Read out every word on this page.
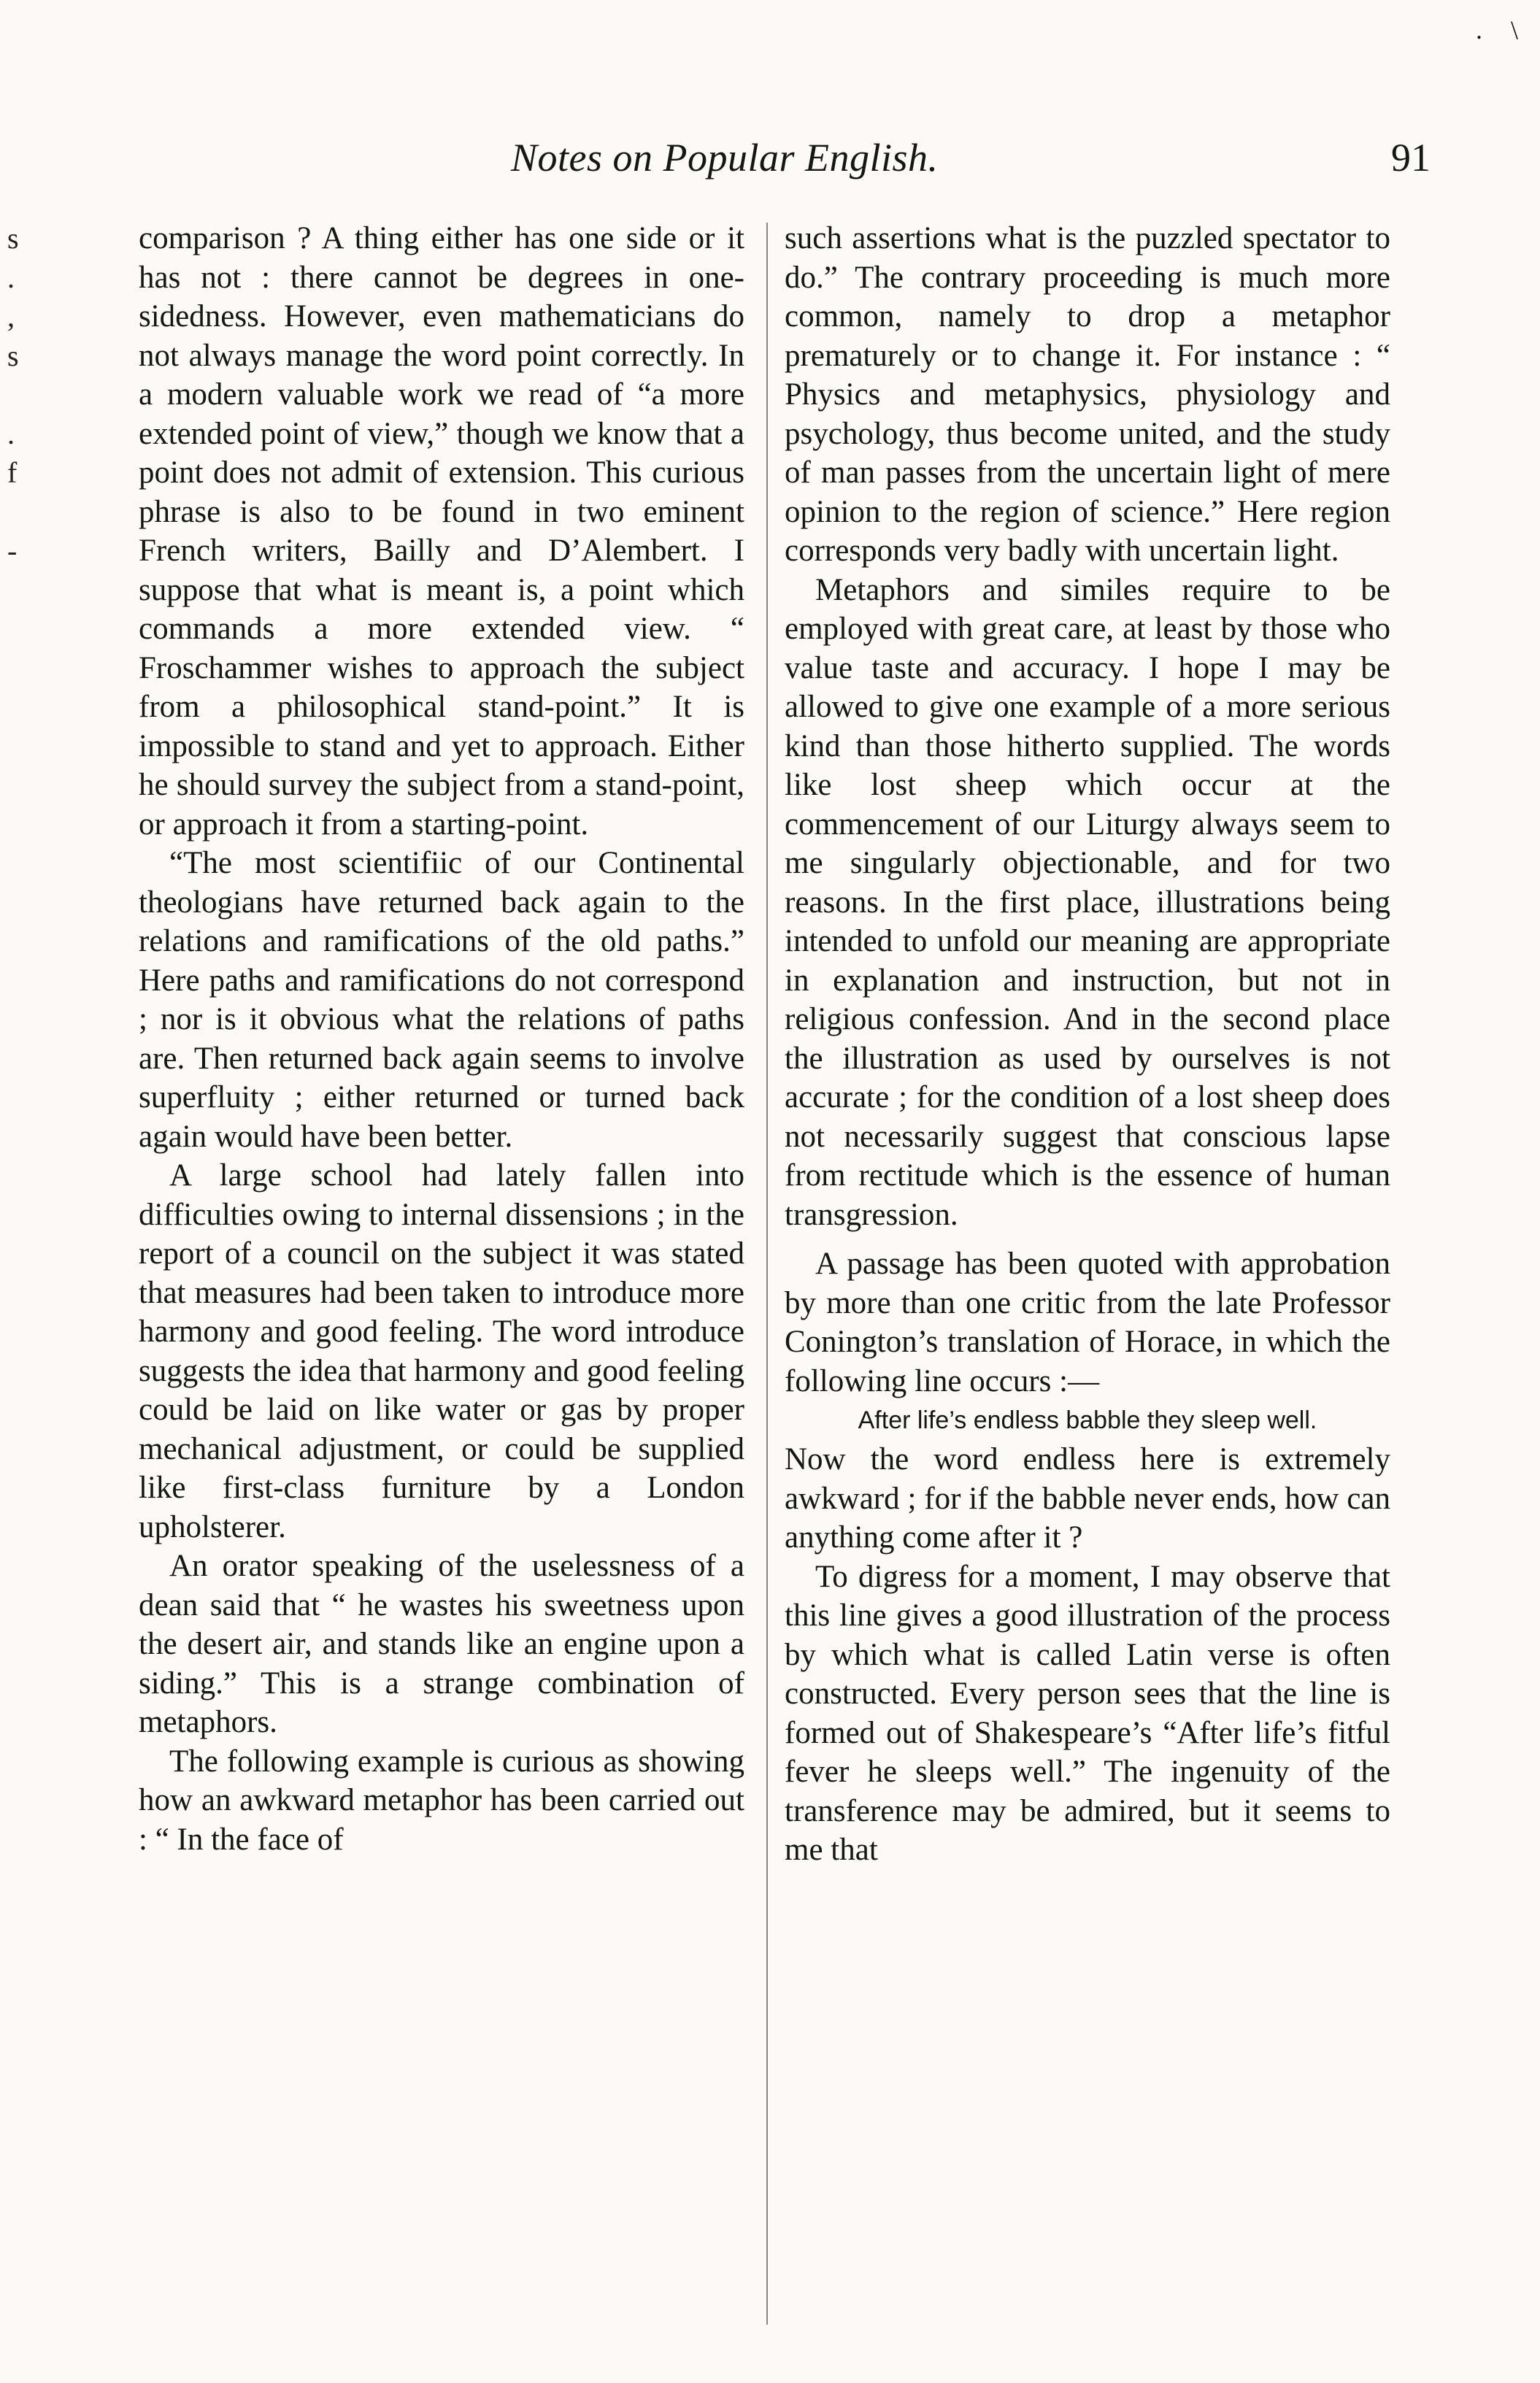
. \
Notes on Popular English.	91
s
.
,
s
.
f
-

comparison ? A thing either has one side or it has not : there cannot be degrees in one-sidedness. However, even mathematicians do not always manage the word point correctly. In a modern valuable work we read of “a more extended point of view,” though we know that a point does not admit of extension. This curious phrase is also to be found in two eminent French writers, Bailly and D’Alembert. I suppose that what is meant is, a point which commands a more extended view. “ Froschammer wishes to approach the subject from a philosophical stand-point.” It is impossible to stand and yet to approach. Either he should survey the subject from a stand-point, or approach it from a starting-point.

“The most scientifiic of our Continental theologians have returned back again to the relations and ramifications of the old paths.” Here paths and ramifications do not correspond ; nor is it obvious what the relations of paths are. Then returned back again seems to involve superfluity ; either returned or turned back again would have been better.

A large school had lately fallen into difficulties owing to internal dissensions ; in the report of a council on the subject it was stated that measures had been taken to introduce more harmony and good feeling. The word introduce suggests the idea that harmony and good feeling could be laid on like water or gas by proper mechanical adjustment, or could be supplied like first-class furniture by a London upholsterer.

An orator speaking of the uselessness of a dean said that “ he wastes his sweetness upon the desert air, and stands like an engine upon a siding.” This is a strange combination of metaphors.

The following example is curious as showing how an awkward metaphor has been carried out : “ In the face of

such assertions what is the puzzled spectator to do.” The contrary proceeding is much more common, namely to drop a metaphor prematurely or to change it. For instance : “ Physics and metaphysics, physiology and psychology, thus become united, and the study of man passes from the uncertain light of mere opinion to the region of science.” Here region corresponds very badly with uncertain light.

Metaphors and similes require to be employed with great care, at least by those who value taste and accuracy. I hope I may be allowed to give one example of a more serious kind than those hitherto supplied. The words like lost sheep which occur at the commencement of our Liturgy always seem to me singularly objectionable, and for two reasons. In the first place, illustrations being intended to unfold our meaning are appropriate in explanation and instruction, but not in religious confession. And in the second place the illustration as used by ourselves is not accurate ; for the condition of a lost sheep does not necessarily suggest that conscious lapse from rectitude which is the essence of human transgression.

A passage has been quoted with approbation by more than one critic from the late Professor Conington’s translation of Horace, in which the following line occurs :—

After life’s endless babble they sleep well.

Now the word endless here is extremely awkward ; for if the babble never ends, how can anything come after it ?

To digress for a moment, I may observe that this line gives a good illustration of the process by which what is called Latin verse is often constructed. Every person sees that the line is formed out of Shakespeare’s “After life’s fitful fever he sleeps well.” The ingenuity of the transference may be admired, but it seems to me that
